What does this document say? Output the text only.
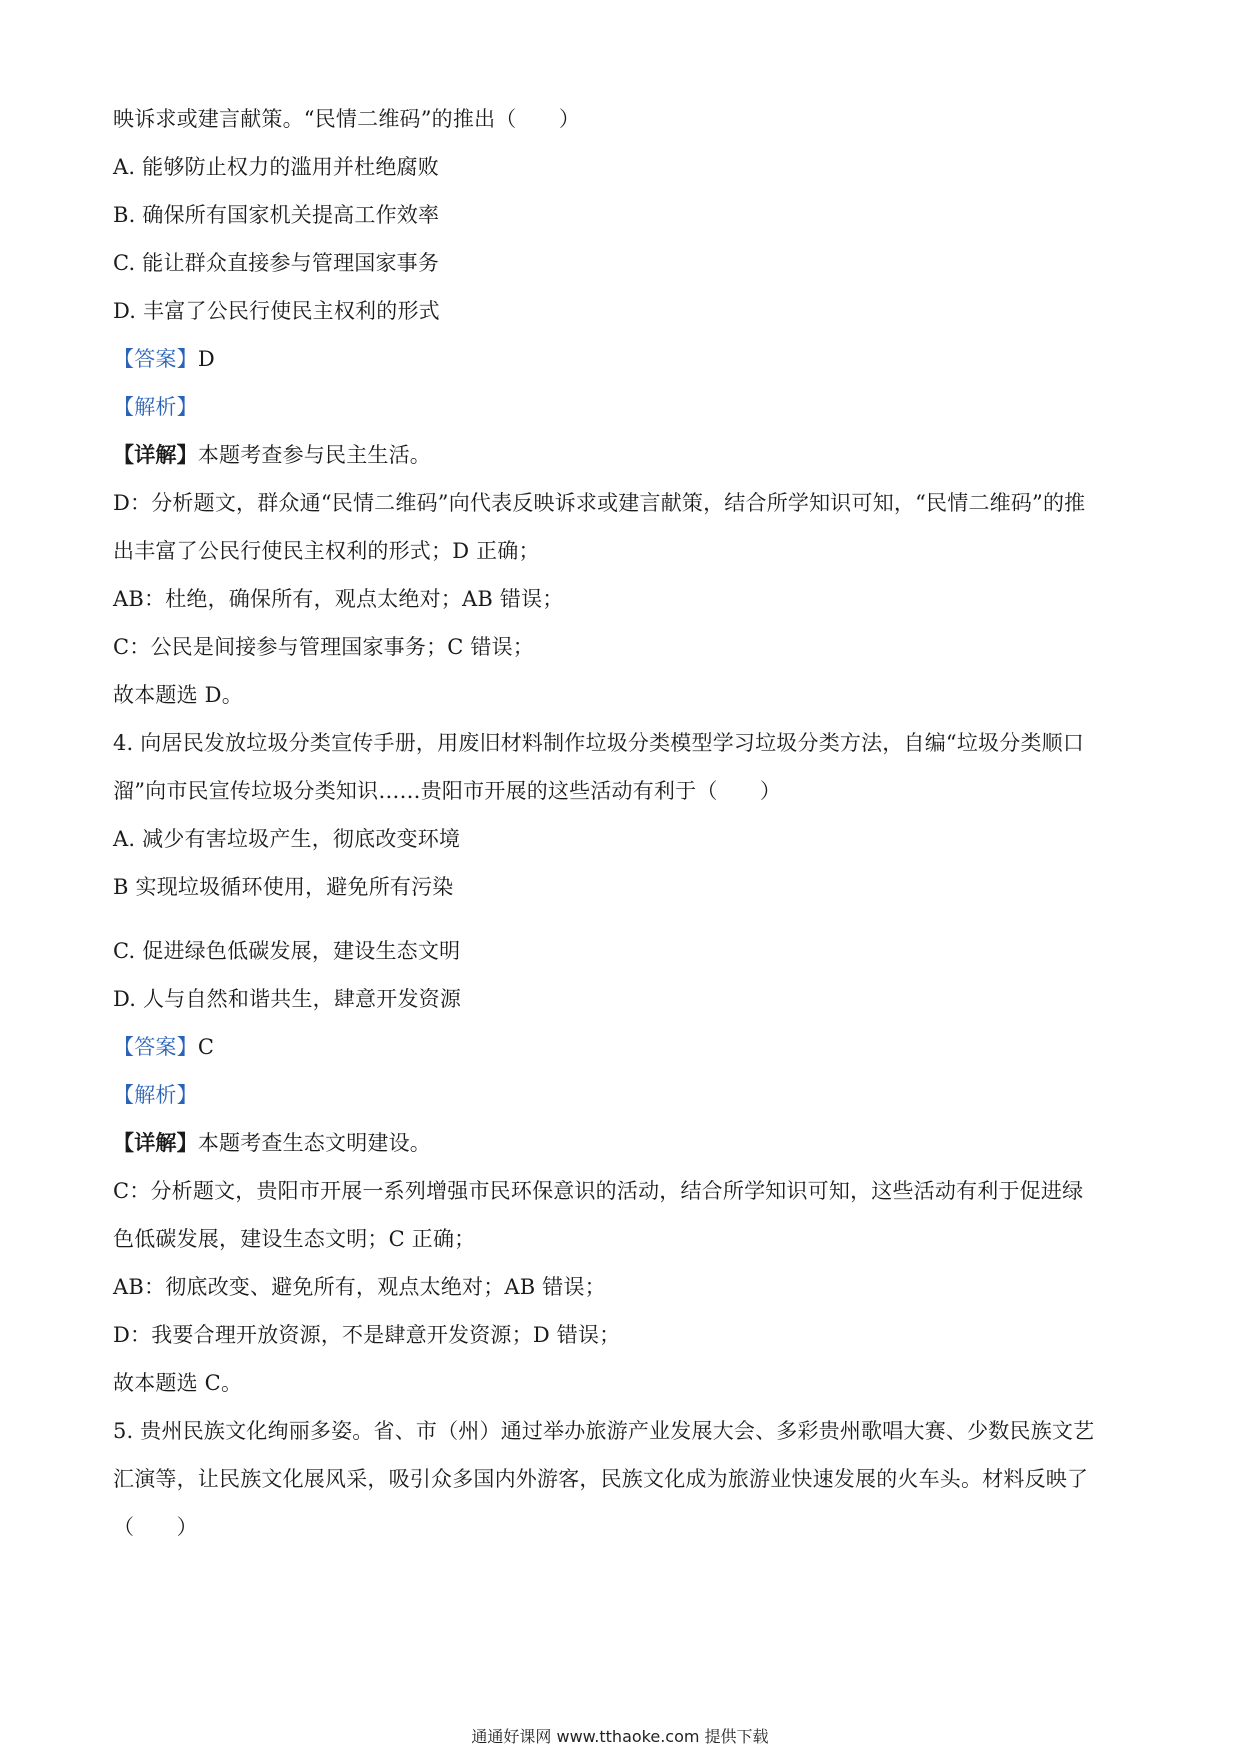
映诉求或建言献策。“民情二维码”的推出（　　）
A. 能够防止权力的滥用并杜绝腐败
B. 确保所有国家机关提高工作效率
C. 能让群众直接参与管理国家事务
D. 丰富了公民行使民主权利的形式
【答案】D
【解析】
【详解】本题考查参与民主生活。
D：分析题文，群众通“民情二维码”向代表反映诉求或建言献策，结合所学知识可知，“民情二维码”的推
出丰富了公民行使民主权利的形式；D 正确；
AB：杜绝，确保所有，观点太绝对；AB 错误；
C：公民是间接参与管理国家事务；C 错误；
故本题选 D。
4. 向居民发放垃圾分类宣传手册，用废旧材料制作垃圾分类模型学习垃圾分类方法，自编“垃圾分类顺口
溜”向市民宣传垃圾分类知识……贵阳市开展的这些活动有利于（　　）
A. 减少有害垃圾产生，彻底改变环境
B 实现垃圾循环使用，避免所有污染
C. 促进绿色低碳发展，建设生态文明
D. 人与自然和谐共生，肆意开发资源
【答案】C
【解析】
【详解】本题考查生态文明建设。
C：分析题文，贵阳市开展一系列增强市民环保意识的活动，结合所学知识可知，这些活动有利于促进绿
色低碳发展，建设生态文明；C 正确；
AB：彻底改变、避免所有，观点太绝对；AB 错误；
D：我要合理开放资源，不是肆意开发资源；D 错误；
故本题选 C。
5. 贵州民族文化绚丽多姿。省、市（州）通过举办旅游产业发展大会、多彩贵州歌唱大赛、少数民族文艺
汇演等，让民族文化展风采，吸引众多国内外游客，民族文化成为旅游业快速发展的火车头。材料反映了
（　　）
通通好课网 www.tthaoke.com 提供下载
